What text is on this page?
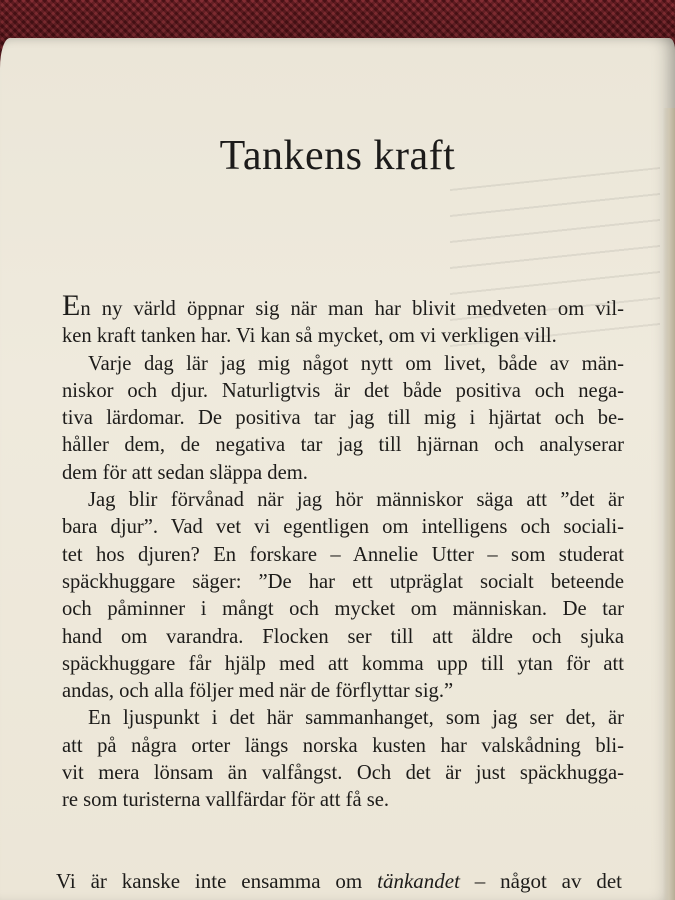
Tankens kraft
En ny värld öppnar sig när man har blivit medveten om vil-
ken kraft tanken har. Vi kan så mycket, om vi verkligen vill.
Varje dag lär jag mig något nytt om livet, både av män-
niskor och djur. Naturligtvis är det både positiva och nega-
tiva lärdomar. De positiva tar jag till mig i hjärtat och be-
håller dem, de negativa tar jag till hjärnan och analyserar
dem för att sedan släppa dem.
Jag blir förvånad när jag hör människor säga att ”det är
bara djur”. Vad vet vi egentligen om intelligens och sociali-
tet hos djuren? En forskare – Annelie Utter – som studerat
späckhuggare säger: ”De har ett utpräglat socialt beteende
och påminner i mångt och mycket om människan. De tar
hand om varandra. Flocken ser till att äldre och sjuka
späckhuggare får hjälp med att komma upp till ytan för att
andas, och alla följer med när de förflyttar sig.”
En ljuspunkt i det här sammanhanget, som jag ser det, är
att på några orter längs norska kusten har valskådning bli-
vit mera lönsam än valfångst. Och det är just späckhugga-
re som turisterna vallfärdar för att få se.
Vi är kanske inte ensamma om tänkandet – något av det
